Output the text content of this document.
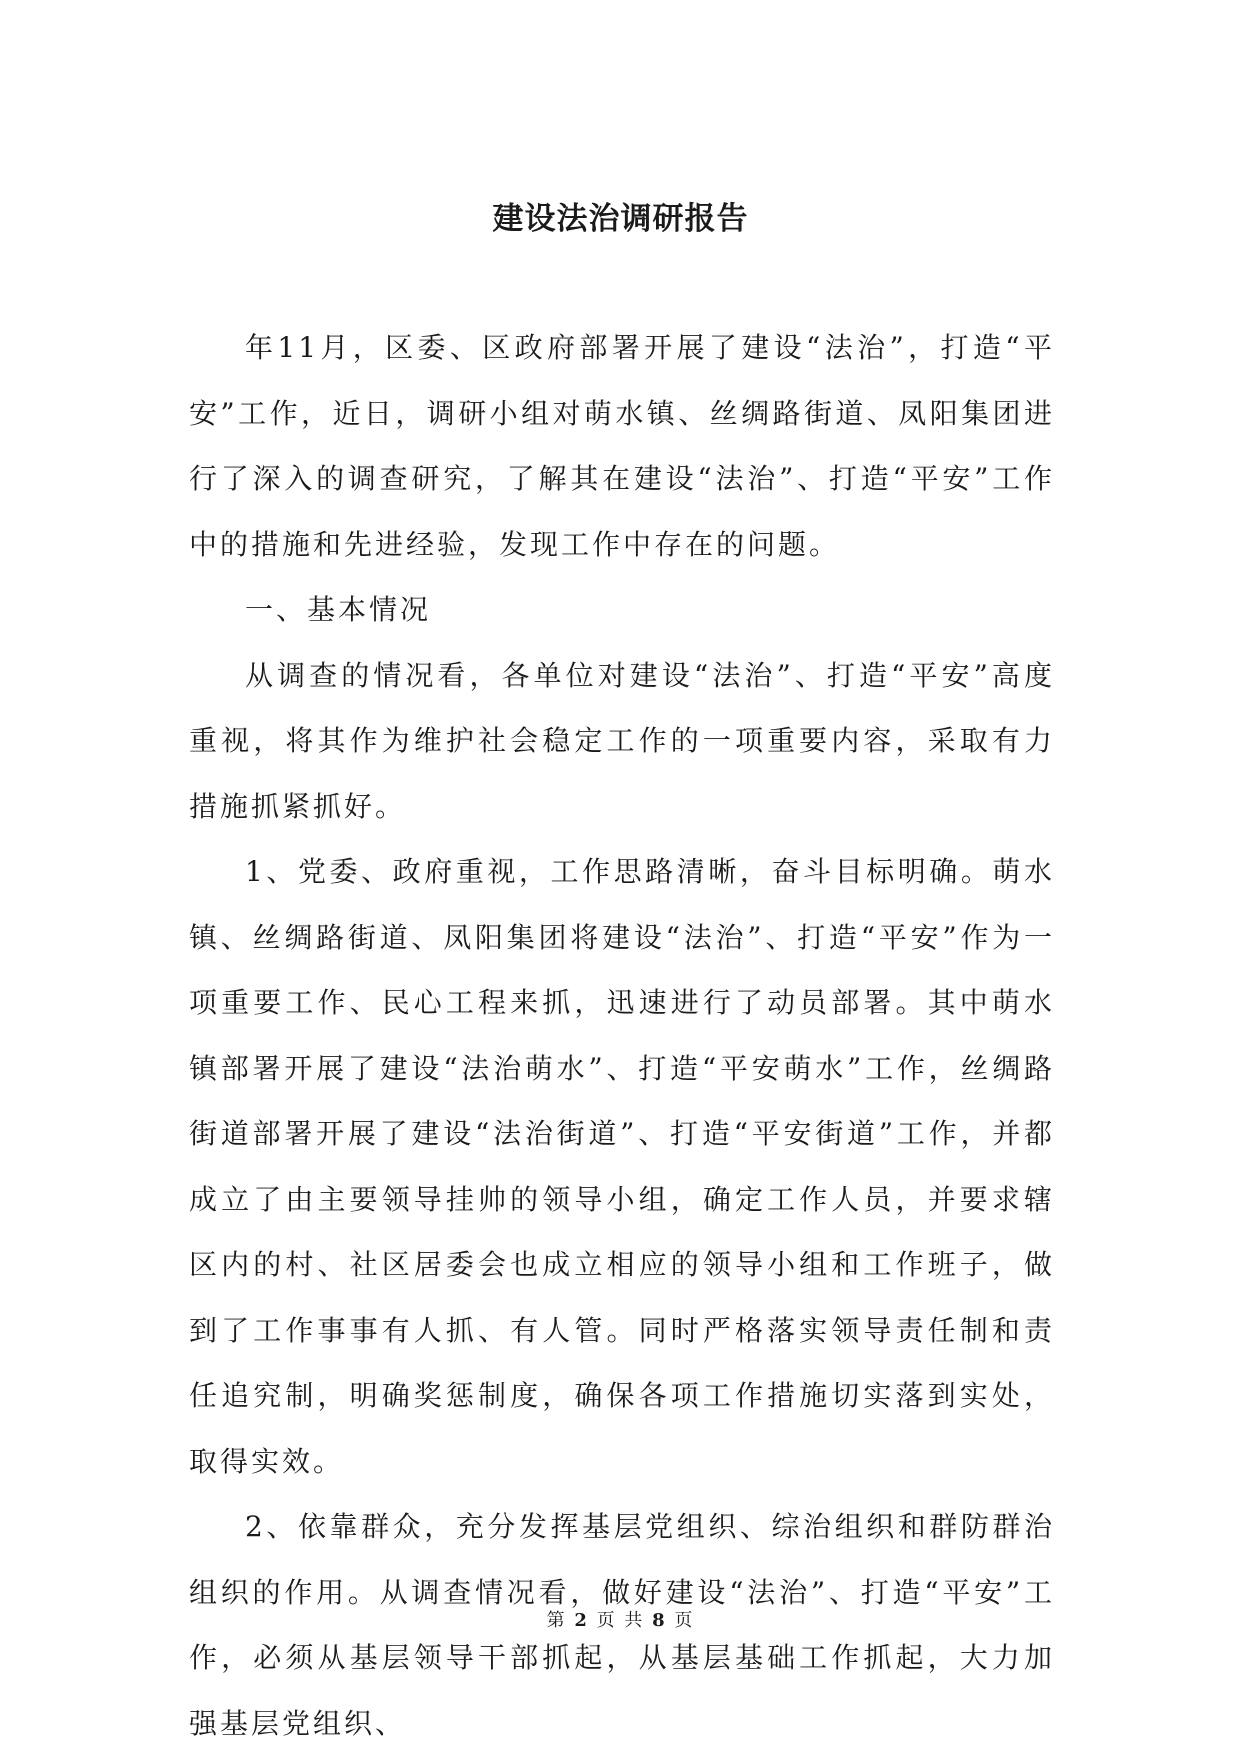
建设法治调研报告

年11月，区委、区政府部署开展了建设“法治”，打造“平安”工作，近日，调研小组对萌水镇、丝绸路街道、凤阳集团进行了深入的调查研究，了解其在建设“法治”、打造“平安”工作中的措施和先进经验，发现工作中存在的问题。

一、基本情况

从调查的情况看，各单位对建设“法治”、打造“平安”高度重视，将其作为维护社会稳定工作的一项重要内容，采取有力措施抓紧抓好。

1、党委、政府重视，工作思路清晰，奋斗目标明确。萌水镇、丝绸路街道、凤阳集团将建设“法治”、打造“平安”作为一项重要工作、民心工程来抓，迅速进行了动员部署。其中萌水镇部署开展了建设“法治萌水”、打造“平安萌水”工作，丝绸路街道部署开展了建设“法治街道”、打造“平安街道”工作，并都成立了由主要领导挂帅的领导小组，确定工作人员，并要求辖区内的村、社区居委会也成立相应的领导小组和工作班子，做到了工作事事有人抓、有人管。同时严格落实领导责任制和责任追究制，明确奖惩制度，确保各项工作措施切实落到实处，取得实效。

2、依靠群众，充分发挥基层党组织、综治组织和群防群治组织的作用。从调查情况看，做好建设“法治”、打造“平安”工作，必须从基层领导干部抓起，从基层基础工作抓起，大力加强基层党组织、

第 2 页 共 8 页
